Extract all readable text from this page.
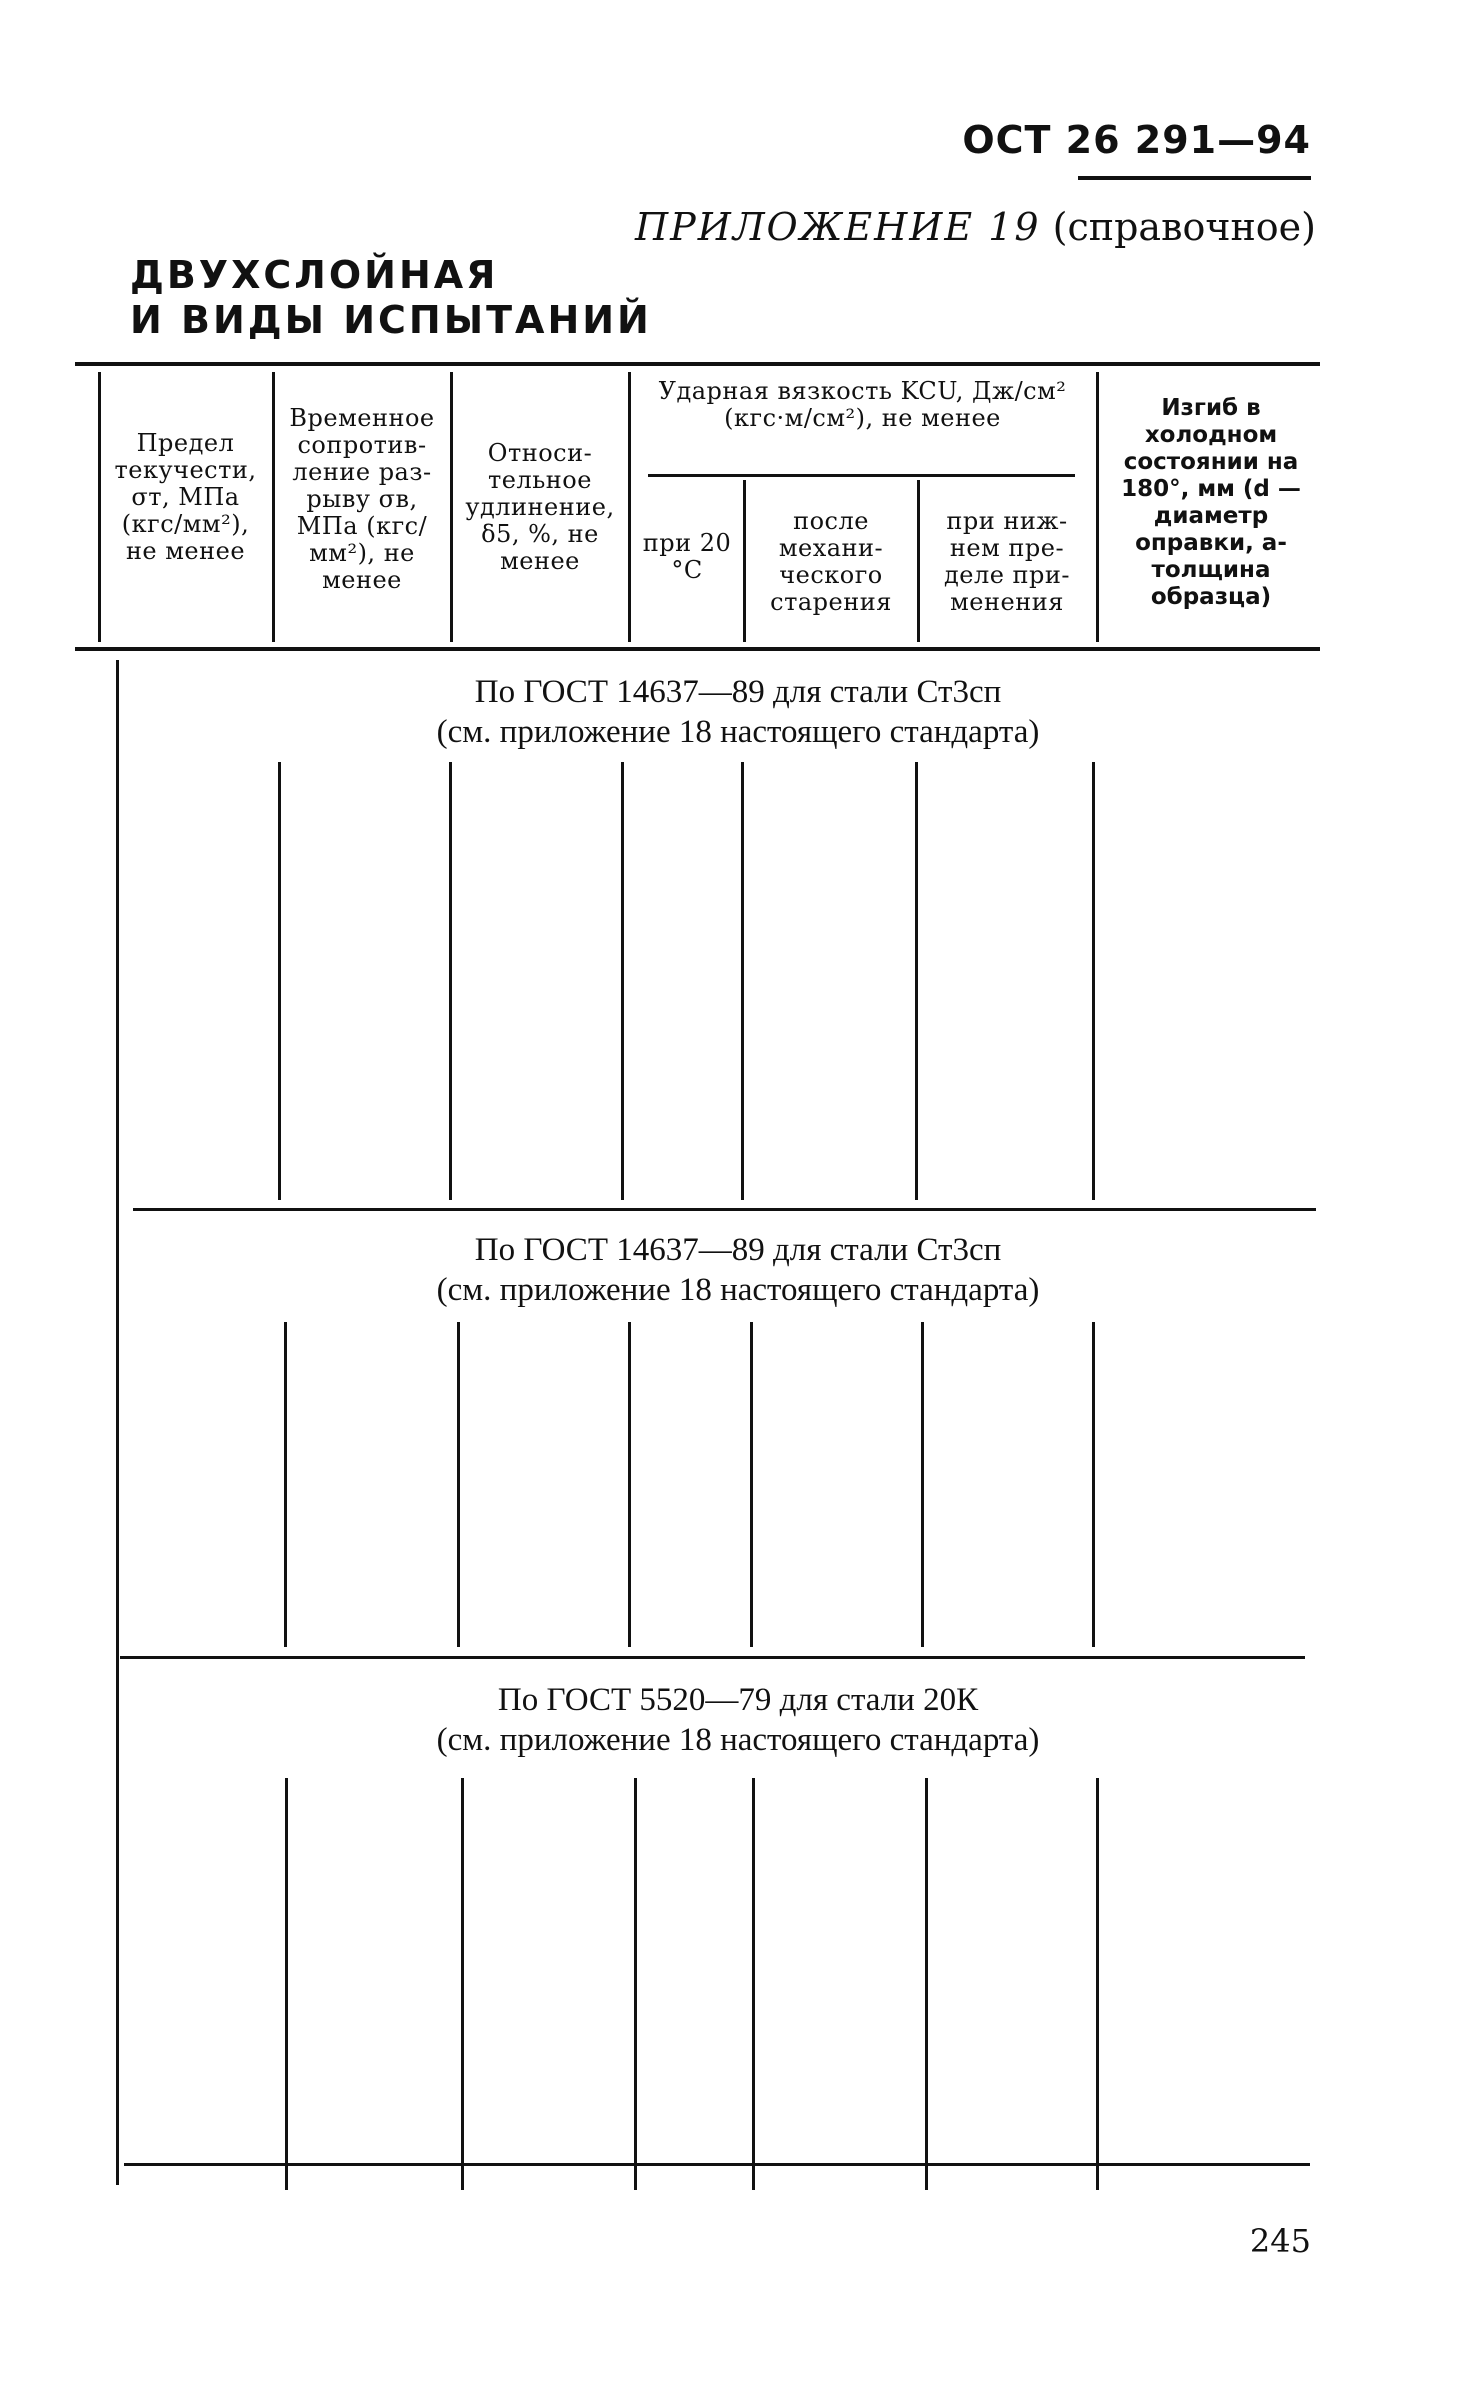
ОСТ 26 291—94
ПРИЛОЖЕНИЕ 19 (справочное)
ДВУХСЛОЙНАЯ
И ВИДЫ ИСПЫТАНИЙ
Предел текучести, σт, МПа (кгс/мм²), не менее
Временное сопротив-ление раз-рыву σв, МПа (кгс/мм²), не менее
Относи-тельное удлинение, δ5, %, не менее
Ударная вязкость KCU, Дж/см² (кгс·м/см²), не менее
при 20 °С
после механи-ческого старения
при ниж-нем пре-деле при-менения
Изгиб в холодном состоянии на 180°, мм (d — диаметр оправки, a-толщина образца)
По ГОСТ 14637—89 для стали Ст3сп
(см. приложение 18 настоящего стандарта)
По ГОСТ 14637—89 для стали Ст3сп
(см. приложение 18 настоящего стандарта)
По ГОСТ 5520—79 для стали 20К
(см. приложение 18 настоящего стандарта)
245
